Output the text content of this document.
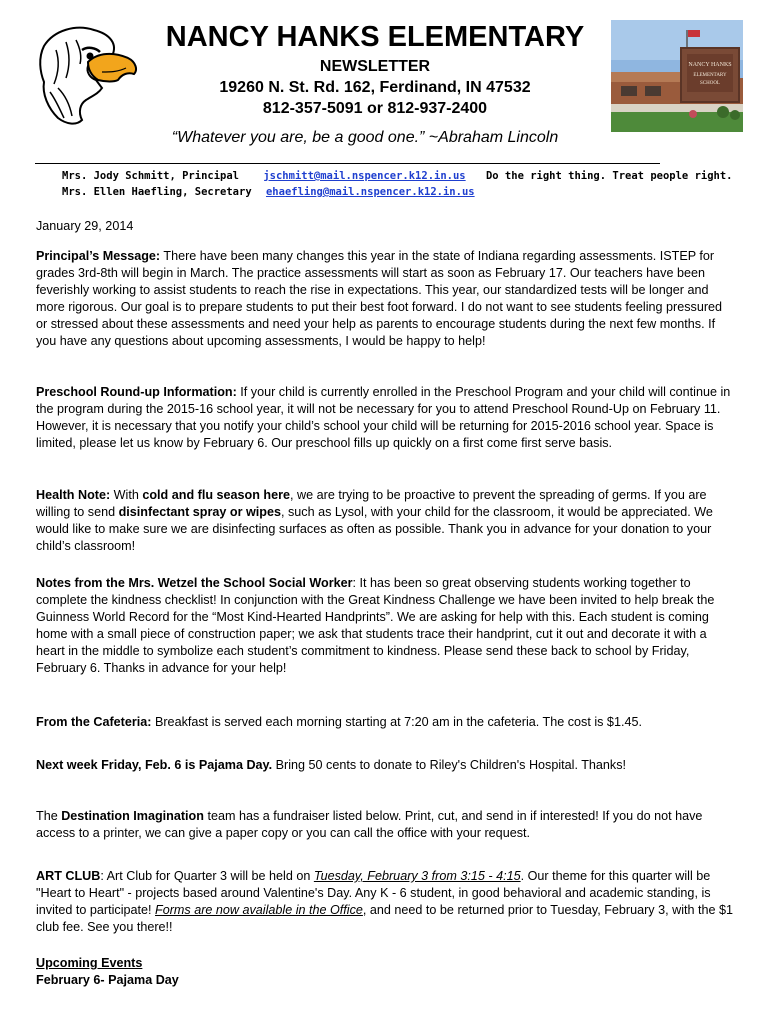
NANCY HANKS ELEMENTARY
NEWSLETTER
19260 N. St. Rd. 162, Ferdinand, IN 47532
812-357-5091 or 812-937-2400
NANCY HANKS
ELEMENTARY
SCHOOL
“Whatever you are, be a good one.” ~Abraham Lincoln
Mrs. Jody Schmitt, Principal jschmitt@mail.nspencer.k12.in.us Do the right thing. Treat people right.
Mrs. Ellen Haefling, Secretary ehaefling@mail.nspencer.k12.in.us

January 29, 2014

Principal’s Message: There have been many changes this year in the state of Indiana regarding assessments. ISTEP for grades 3rd-8th will begin in March. The practice assessments will start as soon as February 17. Our teachers have been feverishly working to assist students to reach the rise in expectations. This year, our standardized tests will be longer and more rigorous. Our goal is to prepare students to put their best foot forward. I do not want to see students feeling pressured or stressed about these assessments and need your help as parents to encourage students during the next few months. If you have any questions about upcoming assessments, I would be happy to help!

Preschool Round-up Information: If your child is currently enrolled in the Preschool Program and your child will continue in the program during the 2015-16 school year, it will not be necessary for you to attend Preschool Round-Up on February 11. However, it is necessary that you notify your child’s school your child will be returning for 2015-2016 school year. Space is limited, please let us know by February 6. Our preschool fills up quickly on a first come first serve basis.

Health Note: With cold and flu season here, we are trying to be proactive to prevent the spreading of germs. If you are willing to send disinfectant spray or wipes, such as Lysol, with your child for the classroom, it would be appreciated. We would like to make sure we are disinfecting surfaces as often as possible. Thank you in advance for your donation to your child’s classroom!

Notes from the Mrs. Wetzel the School Social Worker: It has been so great observing students working together to complete the kindness checklist! In conjunction with the Great Kindness Challenge we have been invited to help break the Guinness World Record for the “Most Kind-Hearted Handprints”. We are asking for help with this. Each student is coming home with a small piece of construction paper; we ask that students trace their handprint, cut it out and decorate it with a heart in the middle to symbolize each student’s commitment to kindness. Please send these back to school by Friday, February 6. Thanks in advance for your help!

From the Cafeteria: Breakfast is served each morning starting at 7:20 am in the cafeteria. The cost is $1.45.

Next week Friday, Feb. 6 is Pajama Day. Bring 50 cents to donate to Riley's Children's Hospital. Thanks!

The Destination Imagination team has a fundraiser listed below. Print, cut, and send in if interested! If you do not have access to a printer, we can give a paper copy or you can call the office with your request.

ART CLUB: Art Club for Quarter 3 will be held on Tuesday, February 3 from 3:15 - 4:15. Our theme for this quarter will be "Heart to Heart" - projects based around Valentine's Day. Any K - 6 student, in good behavioral and academic standing, is invited to participate! Forms are now available in the Office, and need to be returned prior to Tuesday, February 3, with the $1 club fee. See you there!!

Upcoming Events

February 6- Pajama Day
